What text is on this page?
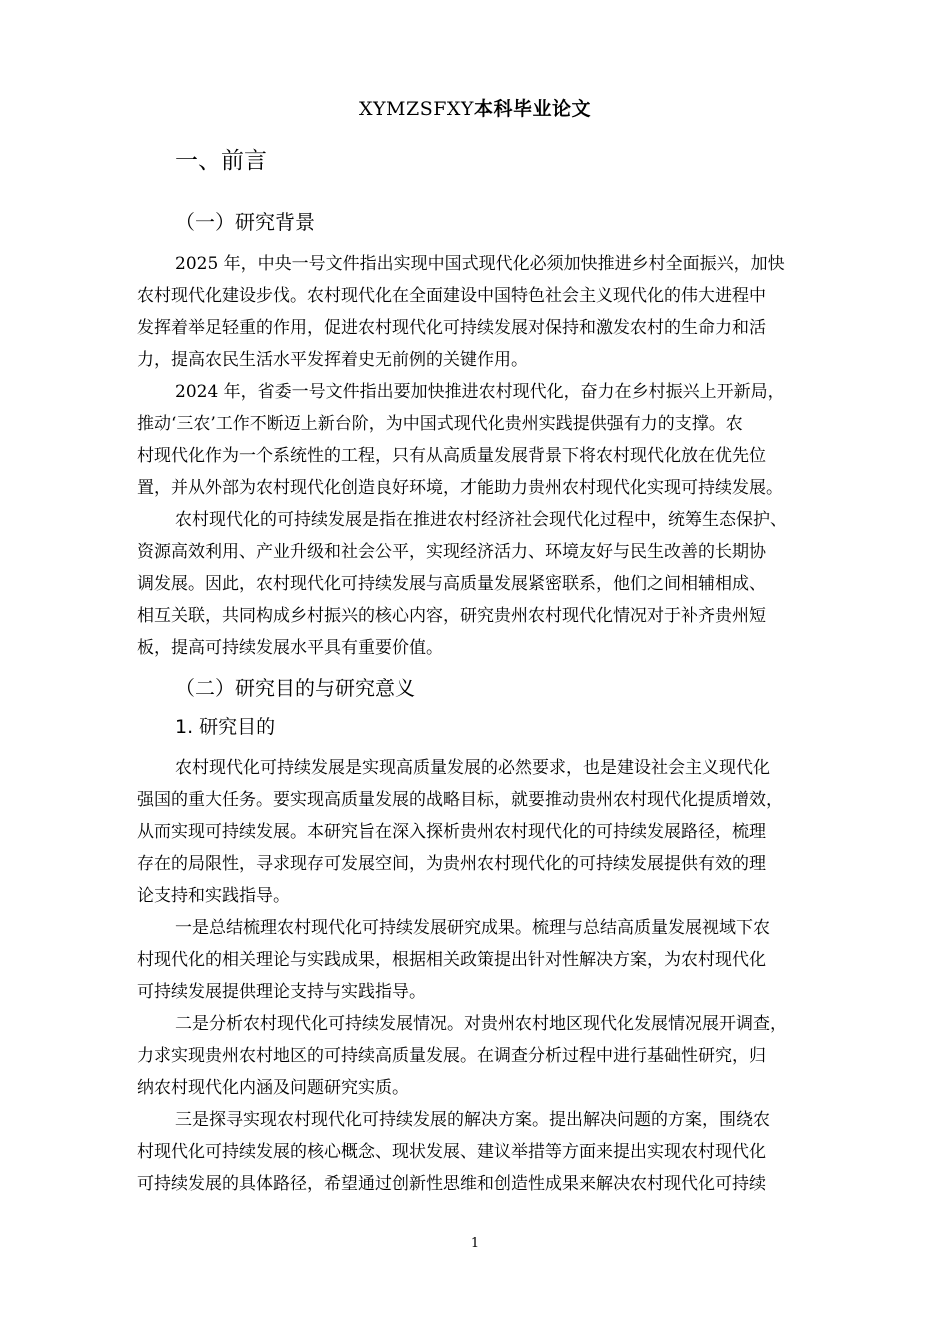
XYMZSFXY本科毕业论文
一、前言
（一）研究背景

2025 年，中央一号文件指出实现中国式现代化必须加快推进乡村全面振兴，加快
农村现代化建设步伐。农村现代化在全面建设中国特色社会主义现代化的伟大进程中
发挥着举足轻重的作用，促进农村现代化可持续发展对保持和激发农村的生命力和活
力，提高农民生活水平发挥着史无前例的关键作用。

2024 年，省委一号文件指出要加快推进农村现代化，奋力在乡村振兴上开新局，
推动‘三农’工作不断迈上新台阶，为中国式现代化贵州实践提供强有力的支撑。农
村现代化作为一个系统性的工程，只有从高质量发展背景下将农村现代化放在优先位
置，并从外部为农村现代化创造良好环境，才能助力贵州农村现代化实现可持续发展。

农村现代化的可持续发展是指在推进农村经济社会现代化过程中，统筹生态保护、
资源高效利用、产业升级和社会公平，实现经济活力、环境友好与民生改善的长期协
调发展。因此，农村现代化可持续发展与高质量发展紧密联系，他们之间相辅相成、
相互关联，共同构成乡村振兴的核心内容，研究贵州农村现代化情况对于补齐贵州短
板，提高可持续发展水平具有重要价值。

（二）研究目的与研究意义
1. 研究目的

农村现代化可持续发展是实现高质量发展的必然要求，也是建设社会主义现代化
强国的重大任务。要实现高质量发展的战略目标，就要推动贵州农村现代化提质增效，
从而实现可持续发展。本研究旨在深入探析贵州农村现代化的可持续发展路径，梳理
存在的局限性，寻求现存可发展空间，为贵州农村现代化的可持续发展提供有效的理
论支持和实践指导。

一是总结梳理农村现代化可持续发展研究成果。梳理与总结高质量发展视域下农
村现代化的相关理论与实践成果，根据相关政策提出针对性解决方案，为农村现代化
可持续发展提供理论支持与实践指导。

二是分析农村现代化可持续发展情况。对贵州农村地区现代化发展情况展开调查，
力求实现贵州农村地区的可持续高质量发展。在调查分析过程中进行基础性研究，归
纳农村现代化内涵及问题研究实质。

三是探寻实现农村现代化可持续发展的解决方案。提出解决问题的方案，围绕农
村现代化可持续发展的核心概念、现状发展、建议举措等方面来提出实现农村现代化
可持续发展的具体路径，希望通过创新性思维和创造性成果来解决农村现代化可持续

1
